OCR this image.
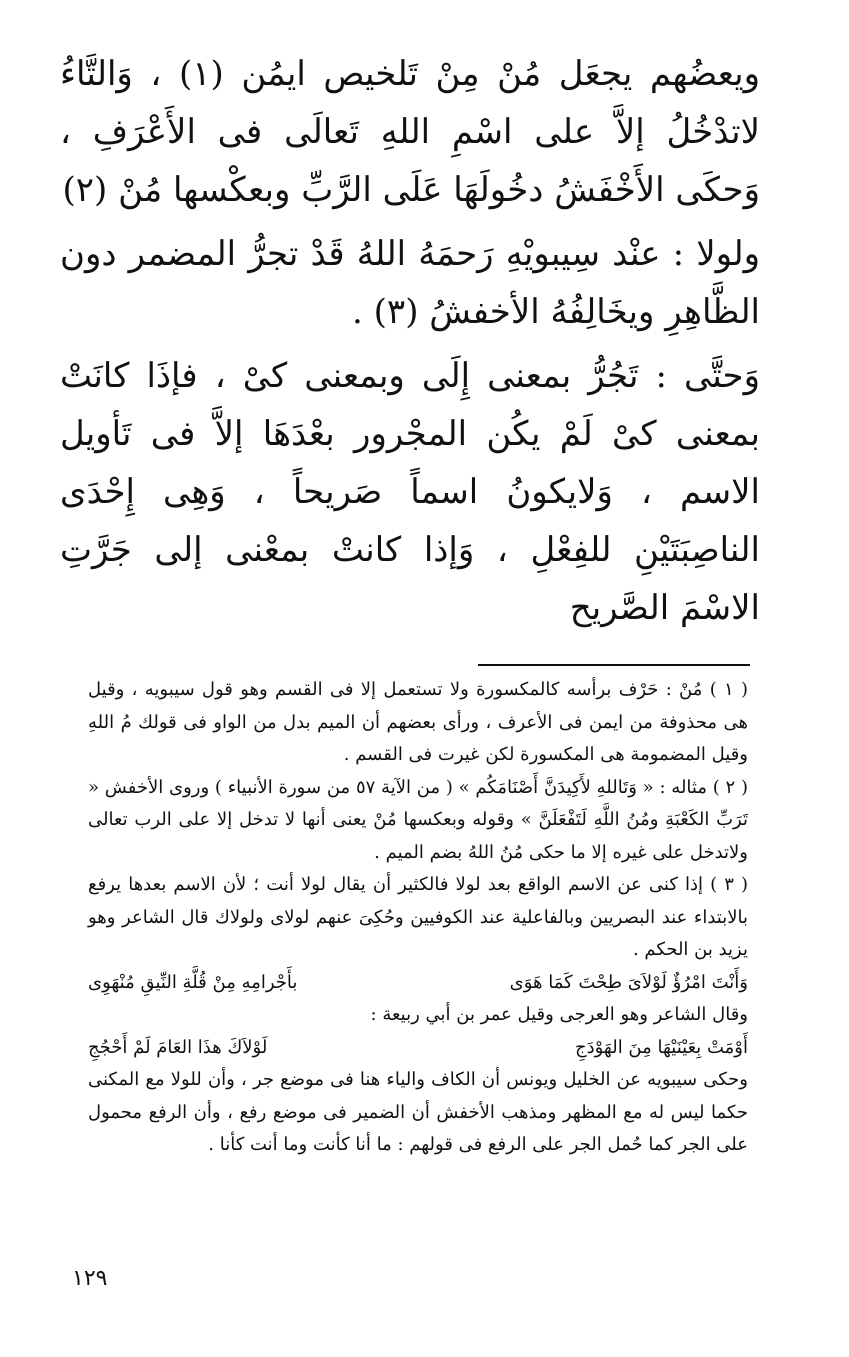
ويعضُهم يجعَل مُنْ مِنْ تَلخيص ايمُن (١) ، وَالتَّاءُ لاتدْخُلُ إلاَّ على اسْمِ اللهِ تَعالَى فى الأَعْرَفِ ، وَحكَى الأَخْفَشُ دخُولَهَا عَلَى الرَّبِّ وبعكْسها مُنْ (٢)

ولولا : عنْد سِيبويْهِ رَحمَهُ اللهُ قَدْ تجرُّ المضمر دون الظَّاهِرِ ويخَالِفُهُ الأخفشُ (٣) .

وَحتَّى : تَجُرُّ بمعنى إِلَى وبمعنى كىْ ، فإذَا كانَتْ بمعنى كىْ لَمْ يكُن المجْرور بعْدَهَا إلاَّ فى تَأويل الاسم ، وَلايكونُ اسماً صَريحاً ، وَهِى إِحْدَى الناصِبَتَيْنِ للفِعْلِ ، وَإذا كانتْ بمعْنى إلى جَرَّتِ الاسْمَ الصَّريح

( ١ ) مُنْ : حَرْف برأسه كالمكسورة ولا تستعمل إلا فى القسم وهو قول سيبويه ، وقيل هى محذوفة من ايمن فى الأعرف ، ورأى بعضهم أن الميم بدل من الواو فى قولك مُ اللهِ وقيل المضمومة هى المكسورة لكن غيرت فى القسم .

( ٢ ) مثاله : « وَتَاللهِ لأَكِيدَنَّ أَصْنَامَكُم » ( من الآية ٥٧ من سورة الأنبياء ) وروى الأخفش « تَرَبِّ الكَعْبَةِ ومُنُ اللَّهِ لَتَفْعَلَنَّ » وقوله وبعكسها مُنْ يعنى أنها لا تدخل إلا على الرب تعالى ولاتدخل على غيره إلا ما حكى مُنُ اللهُ بضم الميم .

( ٣ ) إذا كنى عن الاسم الواقع بعد لولا فالكثير أن يقال لولا أنت ؛ لأن الاسم بعدها يرفع بالابتداء عند البصريين وبالفاعلية عند الكوفيين وحُكِىَ عنهم لولاى ولولاك قال الشاعر وهو يزيد بن الحكم .

وَأَنْتَ امْرُؤٌ لَوْلاَىَ طِحْتَ كَمَا هَوَى
بأَجْرامِهِ مِنْ قُلَّةِ النِّيقِ مُنْهَوِى

وقال الشاعر وهو العرجى وقيل عمر بن أبي ربيعة :

أَوْمَتْ بِعَيْنَيْهَا مِنَ الهَوْدَجِ
لَوْلاَكَ هذَا العَامَ لَمْ أَحْجُجِ

وحكى سيبويه عن الخليل ويونس أن الكاف والياء هنا فى موضع جر ، وأن للولا مع المكنى حكما ليس له مع المظهر ومذهب الأخفش أن الضمير فى موضع رفع ، وأن الرفع محمول على الجر كما حُمل الجر على الرفع فى قولهم : ما أنا كأنت وما أنت كأنا .

١٢٩
